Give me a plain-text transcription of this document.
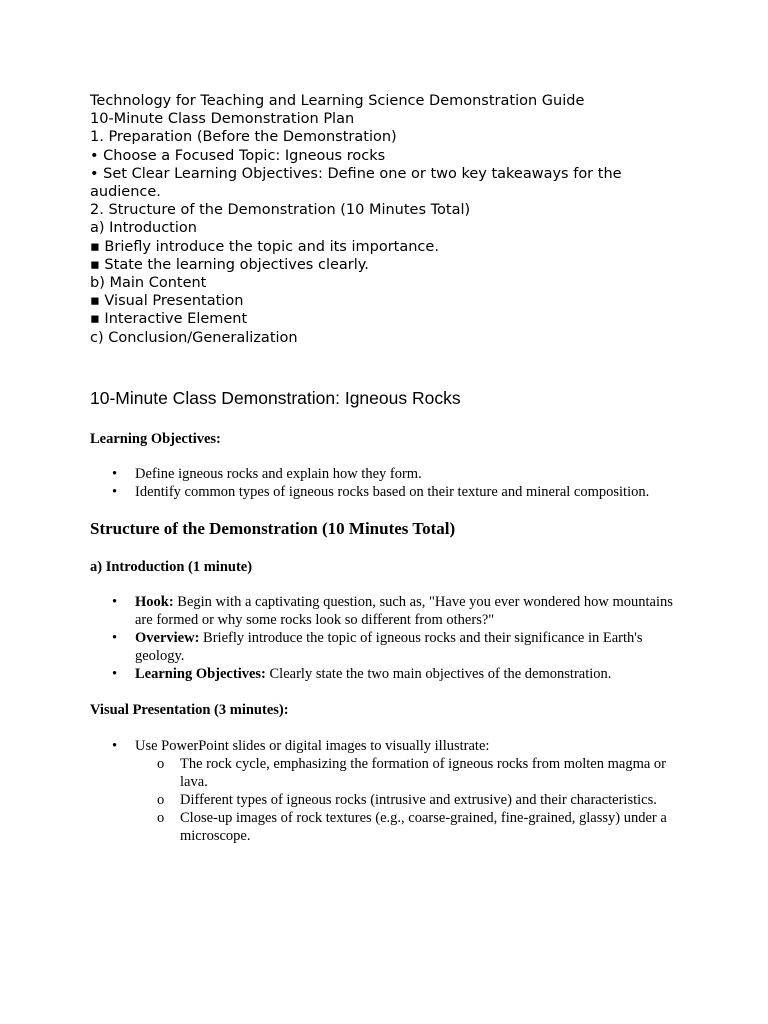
Technology for Teaching and Learning Science Demonstration Guide
10-Minute Class Demonstration Plan
1. Preparation (Before the Demonstration)
• Choose a Focused Topic: Igneous rocks
• Set Clear Learning Objectives: Define one or two key takeaways for the
audience.
2. Structure of the Demonstration (10 Minutes Total)
a) Introduction
▪ Briefly introduce the topic and its importance.
▪ State the learning objectives clearly.
b) Main Content
▪ Visual Presentation
▪ Interactive Element
c) Conclusion/Generalization
10-Minute Class Demonstration: Igneous Rocks
Learning Objectives:
• Define igneous rocks and explain how they form.
• Identify common types of igneous rocks based on their texture and mineral composition.
Structure of the Demonstration (10 Minutes Total)
a) Introduction (1 minute)
• Hook: Begin with a captivating question, such as, "Have you ever wondered how mountains are formed or why some rocks look so different from others?"
• Overview: Briefly introduce the topic of igneous rocks and their significance in Earth's geology.
• Learning Objectives: Clearly state the two main objectives of the demonstration.
Visual Presentation (3 minutes):
• Use PowerPoint slides or digital images to visually illustrate:
o The rock cycle, emphasizing the formation of igneous rocks from molten magma or lava.
o Different types of igneous rocks (intrusive and extrusive) and their characteristics.
o Close-up images of rock textures (e.g., coarse-grained, fine-grained, glassy) under a microscope.
